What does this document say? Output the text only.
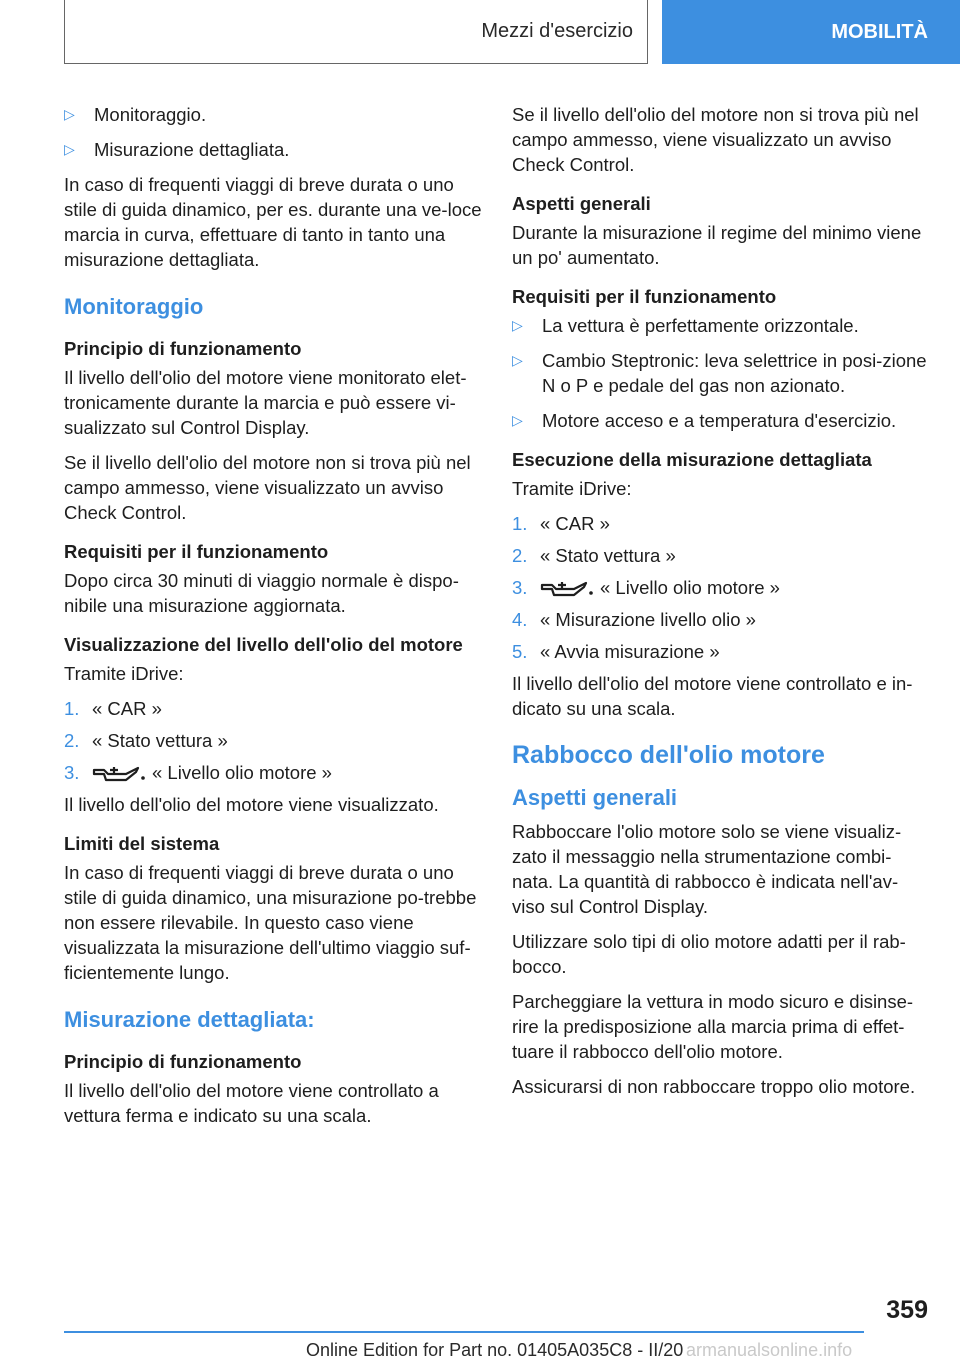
Mezzi d'esercizio	MOBILITÀ
▷	Monitoraggio.
▷	Misurazione dettagliata.

In caso di frequenti viaggi di breve durata o uno stile di guida dinamico, per es. durante una ve-loce marcia in curva, effettuare di tanto in tanto una misurazione dettagliata.

Monitoraggio
Principio di funzionamento

Il livello dell'olio del motore viene monitorato elet-tronicamente durante la marcia e può essere vi-sualizzato sul Control Display.

Se il livello dell'olio del motore non si trova più nel campo ammesso, viene visualizzato un avviso Check Control.

Requisiti per il funzionamento

Dopo circa 30 minuti di viaggio normale è dispo-nibile una misurazione aggiornata.

Visualizzazione del livello dell'olio del motore

Tramite iDrive:

1. « CAR »
2. « Stato vettura »
3.	« Livello olio motore »

Il livello dell'olio del motore viene visualizzato.

Limiti del sistema

In caso di frequenti viaggi di breve durata o uno stile di guida dinamico, una misurazione po-trebbe non essere rilevabile. In questo caso viene visualizzata la misurazione dell'ultimo viaggio suf-ficientemente lungo.

Misurazione dettagliata:
Principio di funzionamento

Il livello dell'olio del motore viene controllato a vettura ferma e indicato su una scala.

Se il livello dell'olio del motore non si trova più nel campo ammesso, viene visualizzato un avviso Check Control.

Aspetti generali

Durante la misurazione il regime del minimo viene un po' aumentato.

Requisiti per il funzionamento
▷	La vettura è perfettamente orizzontale.
▷	Cambio Steptronic: leva selettrice in posi-zione N o P e pedale del gas non azionato.
▷	Motore acceso e a temperatura d'esercizio.
Esecuzione della misurazione dettagliata

Tramite iDrive:

1. « CAR »
2. « Stato vettura »
3.	« Livello olio motore »
4. « Misurazione livello olio »
5. « Avvia misurazione »

Il livello dell'olio del motore viene controllato e in-dicato su una scala.

Rabbocco dell'olio motore
Aspetti generali

Rabboccare l'olio motore solo se viene visualiz-zato il messaggio nella strumentazione combi-nata. La quantità di rabbocco è indicata nell'av-viso sul Control Display.

Utilizzare solo tipi di olio motore adatti per il rab-bocco.

Parcheggiare la vettura in modo sicuro e disinse-rire la predisposizione alla marcia prima di effet-tuare il rabbocco dell'olio motore.

Assicurarsi di non rabboccare troppo olio motore.

359
Online Edition for Part no. 01405A035C8 - II/20 armanualsonline.info
